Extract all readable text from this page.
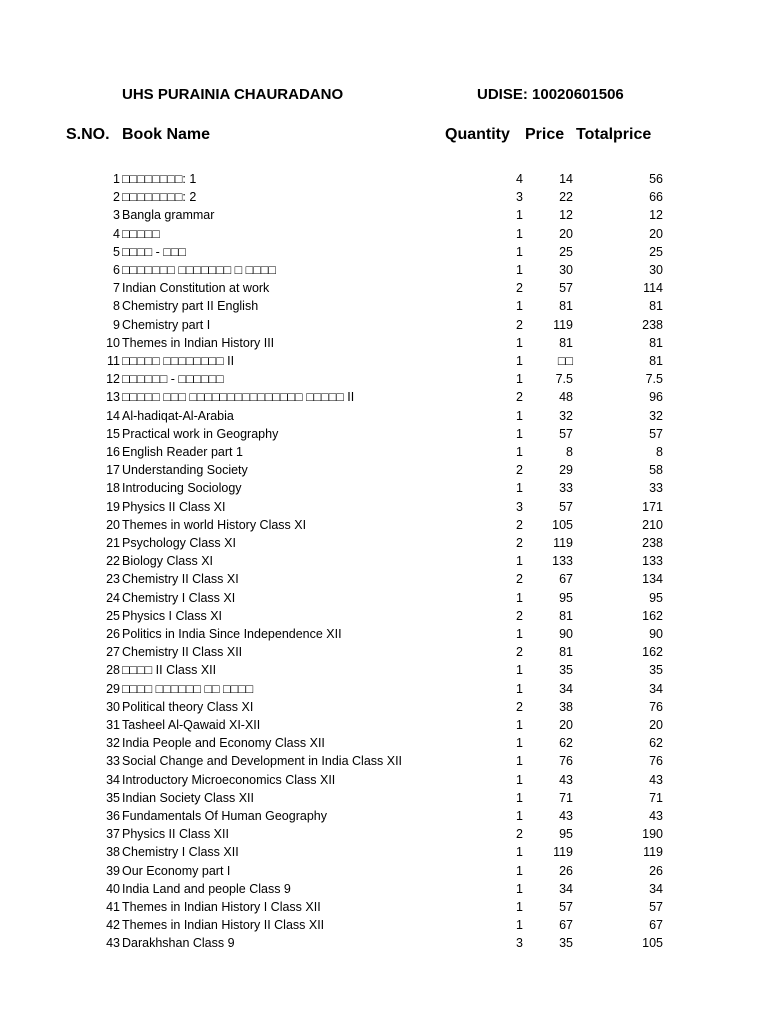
UHS PURAINIA CHAURADANO	UDISE: 10020601506
S.NO. Book Name	Quantity Price Totalprice
1 □□□□□□□□: 1	4	14	56
2 □□□□□□□□: 2	3	22	66
3 Bangla grammar	1	12	12
4 □□□□□	1	20	20
5 □□□□ - □□□	1	25	25
6 □□□□□□□ □□□□□□□ □ □□□□	1	30	30
7 Indian Constitution at work	2	57	114
8 Chemistry part II English	1	81	81
9 Chemistry part I	2 119	238
10 Themes in Indian History III	1	81	81
11 □□□□□ □□□□□□□□ II	1	□□	81
12 □□□□□□ - □□□□□□	1	7.5	7.5
13 □□□□□ □□□ □□□□□□□□□□□□□□□ □□□□□ II	2	48	96
14 Al-hadiqat-Al-Arabia	1	32	32
15 Practical work in Geography	1	57	57
16 English Reader part 1	1	8	8
17 Understanding Society	2	29	58
18 Introducing Sociology	1	33	33
19 Physics II Class XI	3	57	171
20 Themes in world History Class XI	2 105	210
21 Psychology Class XI	2 119	238
22 Biology Class XI	1 133	133
23 Chemistry II Class XI	2	67	134
24 Chemistry I Class XI	1	95	95
25 Physics I Class XI	2	81	162
26 Politics in India Since Independence XII	1	90	90
27 Chemistry II Class XII	2	81	162
28 □□□□ II Class XII	1	35	35
29 □□□□ □□□□□□ □□ □□□□	1	34	34
30 Political theory Class XI	2	38	76
31 Tasheel Al-Qawaid XI-XII	1	20	20
32 India People and Economy Class XII	1	62	62
33 Social Change and Development in India Class XII	1	76	76
34 Introductory Microeconomics Class XII	1	43	43
35 Indian Society Class XII	1	71	71
36 Fundamentals Of Human Geography	1	43	43
37 Physics II Class XII	2	95	190
38 Chemistry I Class XII	1 119	119
39 Our Economy part I	1	26	26
40 India Land and people Class 9	1	34	34
41 Themes in Indian History I Class XII	1	57	57
42 Themes in Indian History II Class XII	1	67	67
43 Darakhshan Class 9	3	35	105
